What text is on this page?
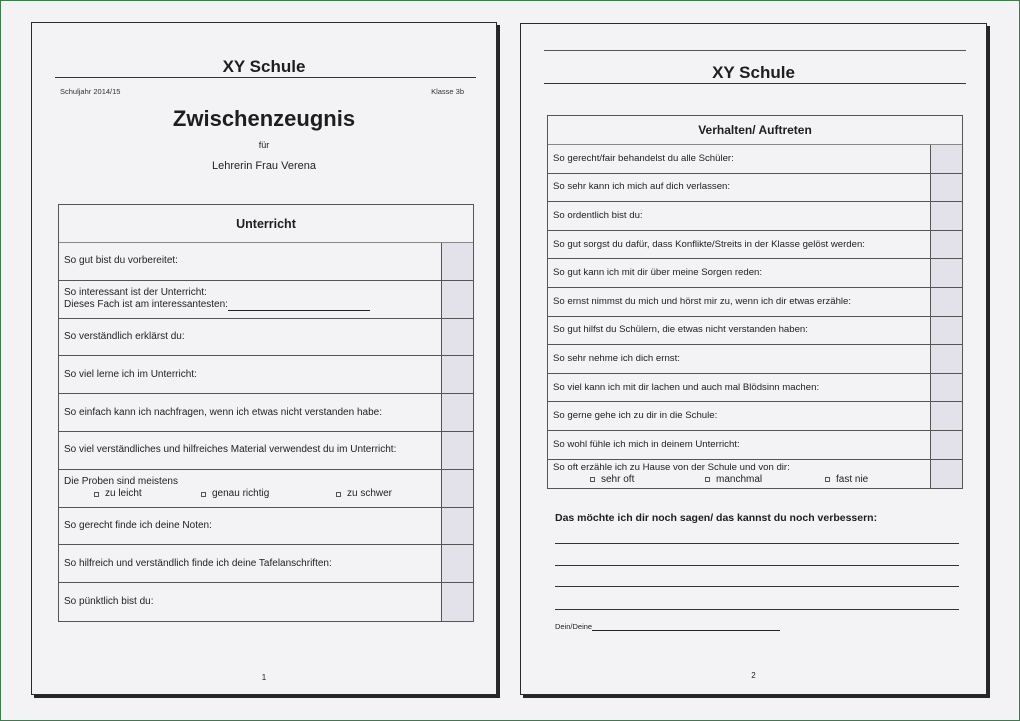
XY Schule
Schuljahr 2014/15	Klasse 3b
Zwischenzeugnis
für
Lehrerin Frau Verena
Unterricht
So gut bist du vorbereitet:
So interessant ist der Unterricht:
Dieses Fach ist am interessantesten:
So verständlich erklärst du:
So viel lerne ich im Unterricht:
So einfach kann ich nachfragen, wenn ich etwas nicht verstanden habe:
So viel verständliches und hilfreiches Material verwendest du im Unterricht:
Die Proben sind meistens
zu leicht	genau richtig	zu schwer
So gerecht finde ich deine Noten:
So hilfreich und verständlich finde ich deine Tafelanschriften:
So pünktlich bist du:
1
XY Schule
Verhalten/ Auftreten
So gerecht/fair behandelst du alle Schüler:
So sehr kann ich mich auf dich verlassen:
So ordentlich bist du:
So gut sorgst du dafür, dass Konflikte/Streits in der Klasse gelöst werden:
So gut kann ich mit dir über meine Sorgen reden:
So ernst nimmst du mich und hörst mir zu, wenn ich dir etwas erzähle:
So gut hilfst du Schülern, die etwas nicht verstanden haben:
So sehr nehme ich dich ernst:
So viel kann ich mit dir lachen und auch mal Blödsinn machen:
So gerne gehe ich zu dir in die Schule:
So wohl fühle ich mich in deinem Unterricht:
So oft erzähle ich zu Hause von der Schule und von dir:
sehr oft	manchmal	fast nie
Das möchte ich dir noch sagen/ das kannst du noch verbessern:
Dein/Deine
2
